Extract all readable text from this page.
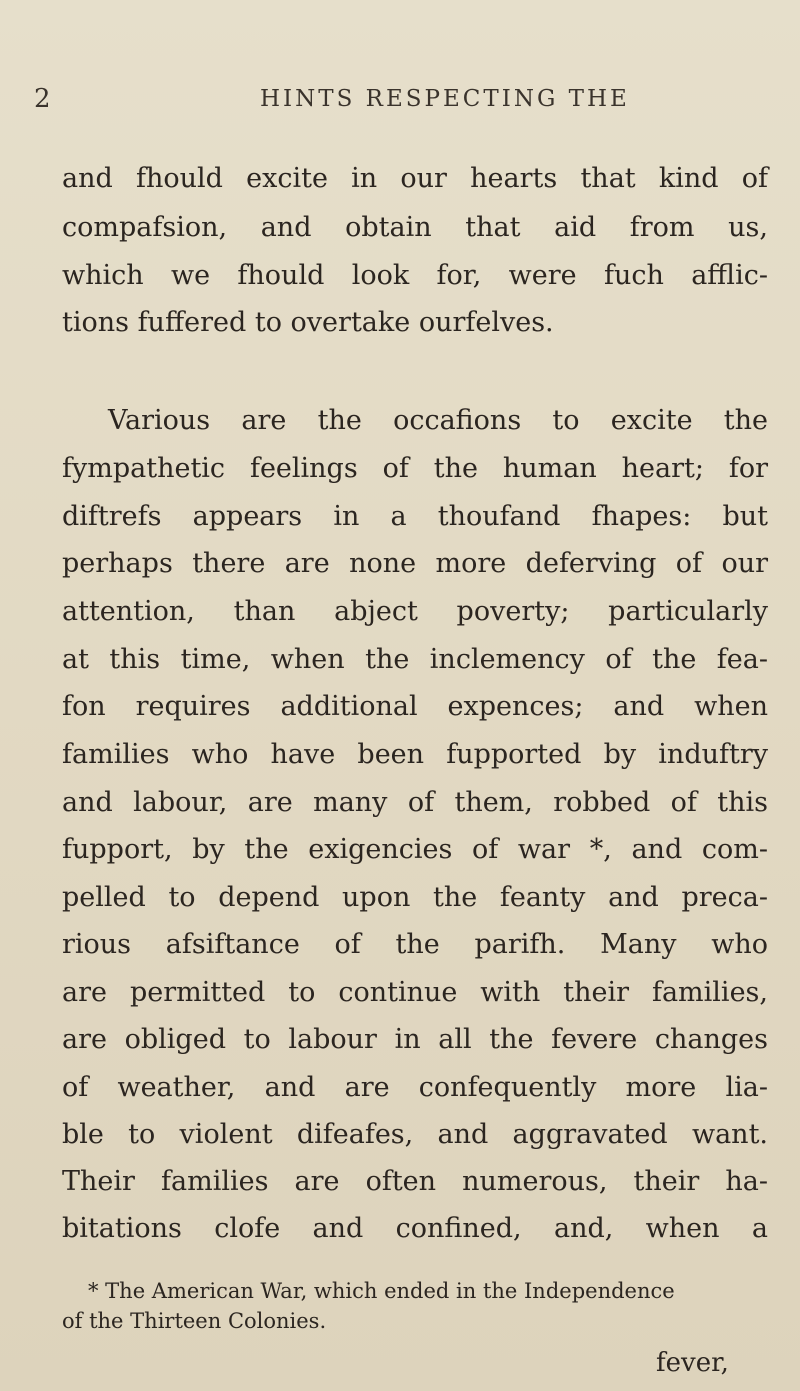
2	HINTS RESPECTING THE
and fhould excite in our hearts that kind of
compafsion, and obtain that aid from us,
which we fhould look for, were fuch afflic-
tions fuffered to overtake ourfelves.
Various are the occafions to excite the
fympathetic feelings of the human heart; for
diftrefs appears in a thoufand fhapes: but
perhaps there are none more deferving of our
attention, than abject poverty; particularly
at this time, when the inclemency of the fea-
fon requires additional expences; and when
families who have been fupported by induftry
and labour, are many of them, robbed of this
fupport, by the exigencies of war *, and com-
pelled to depend upon the feanty and preca-
rious afsiftance of the parifh. Many who
are permitted to continue with their families,
are obliged to labour in all the fevere changes
of weather, and are confequently more lia-
ble to violent difeafes, and aggravated want.
Their families are often numerous, their ha-
bitations clofe and confined, and, when a
* The American War, which ended in the Independence
of the Thirteen Colonies.
fever,
